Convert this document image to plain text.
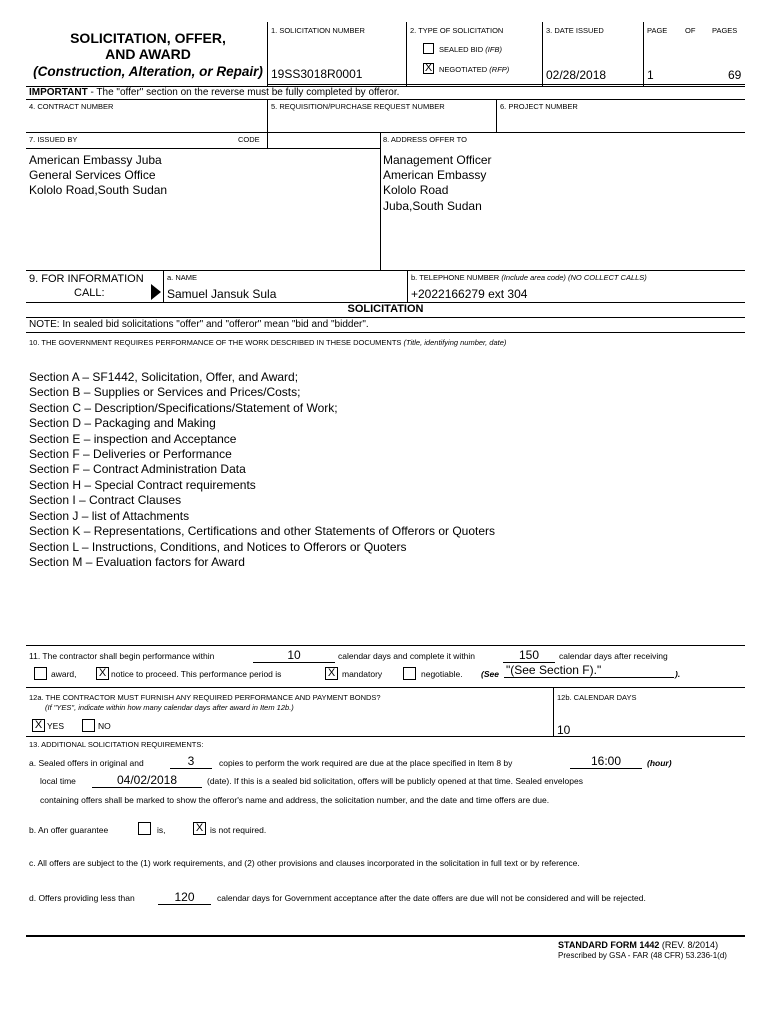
SOLICITATION, OFFER,
AND AWARD
(Construction, Alteration, or Repair)
1. SOLICITATION NUMBER
19SS3018R0001
2. TYPE OF SOLICITATION
SEALED BID (IFB)
X NEGOTIATED (RFP)
3. DATE ISSUED
02/28/2018
PAGE OF PAGES
1	69
IMPORTANT - The "offer" section on the reverse must be fully completed by offeror.
4. CONTRACT NUMBER	5. REQUISITION/PURCHASE REQUEST NUMBER	6. PROJECT NUMBER
7. ISSUED BY	CODE	8. ADDRESS OFFER TO
American Embassy Juba
General Services Office
Kololo Road,South Sudan
Management Officer
American Embassy
Kololo Road
Juba,South Sudan
9. FOR INFORMATION
CALL:
a. NAME
Samuel Jansuk Sula
b. TELEPHONE NUMBER (Include area code) (NO COLLECT CALLS)
+2022166279 ext 304
SOLICITATION
NOTE: In sealed bid solicitations "offer" and "offeror" mean "bid and "bidder".
10. THE GOVERNMENT REQUIRES PERFORMANCE OF THE WORK DESCRIBED IN THESE DOCUMENTS (Title, identifying number, date)
Section A – SF1442, Solicitation, Offer, and Award;
Section B – Supplies or Services and Prices/Costs;
Section C – Description/Specifications/Statement of Work;
Section D – Packaging and Making
Section E – inspection and Acceptance
Section F – Deliveries or Performance
Section F – Contract Administration Data
Section H – Special Contract requirements
Section I – Contract Clauses
Section J – list of Attachments
Section K – Representations, Certifications and other Statements of Offerors or Quoters
Section L – Instructions, Conditions, and Notices to Offerors or Quoters
Section M – Evaluation factors for Award
11. The contractor shall begin performance within	10	calendar days and complete it within	150	calendar days after receiving
award, X notice to proceed. This performance period is	X mandatory	negotiable. (See "(See Section F)."	).
12a. THE CONTRACTOR MUST FURNISH ANY REQUIRED PERFORMANCE AND PAYMENT BONDS?
(If "YES", indicate within how many calendar days after award in Item 12b.)
X YES	NO
12b. CALENDAR DAYS
10
13. ADDITIONAL SOLICITATION REQUIREMENTS:
a. Sealed offers in original and	3	copies to perform the work required are due at the place specified in Item 8 by	16:00	(hour)
local time	04/02/2018	(date). If this is a sealed bid solicitation, offers will be publicly opened at that time. Sealed envelopes
containing offers shall be marked to show the offeror's name and address, the solicitation number, and the date and time offers are due.
b. An offer guarantee	is,	X is not required.
c. All offers are subject to the (1) work requirements, and (2) other provisions and clauses incorporated in the solicitation in full text or by reference.
d. Offers providing less than	120	calendar days for Government acceptance after the date offers are due will not be considered and will be rejected.
STANDARD FORM 1442 (REV. 8/2014)
Prescribed by GSA - FAR (48 CFR) 53.236-1(d)
